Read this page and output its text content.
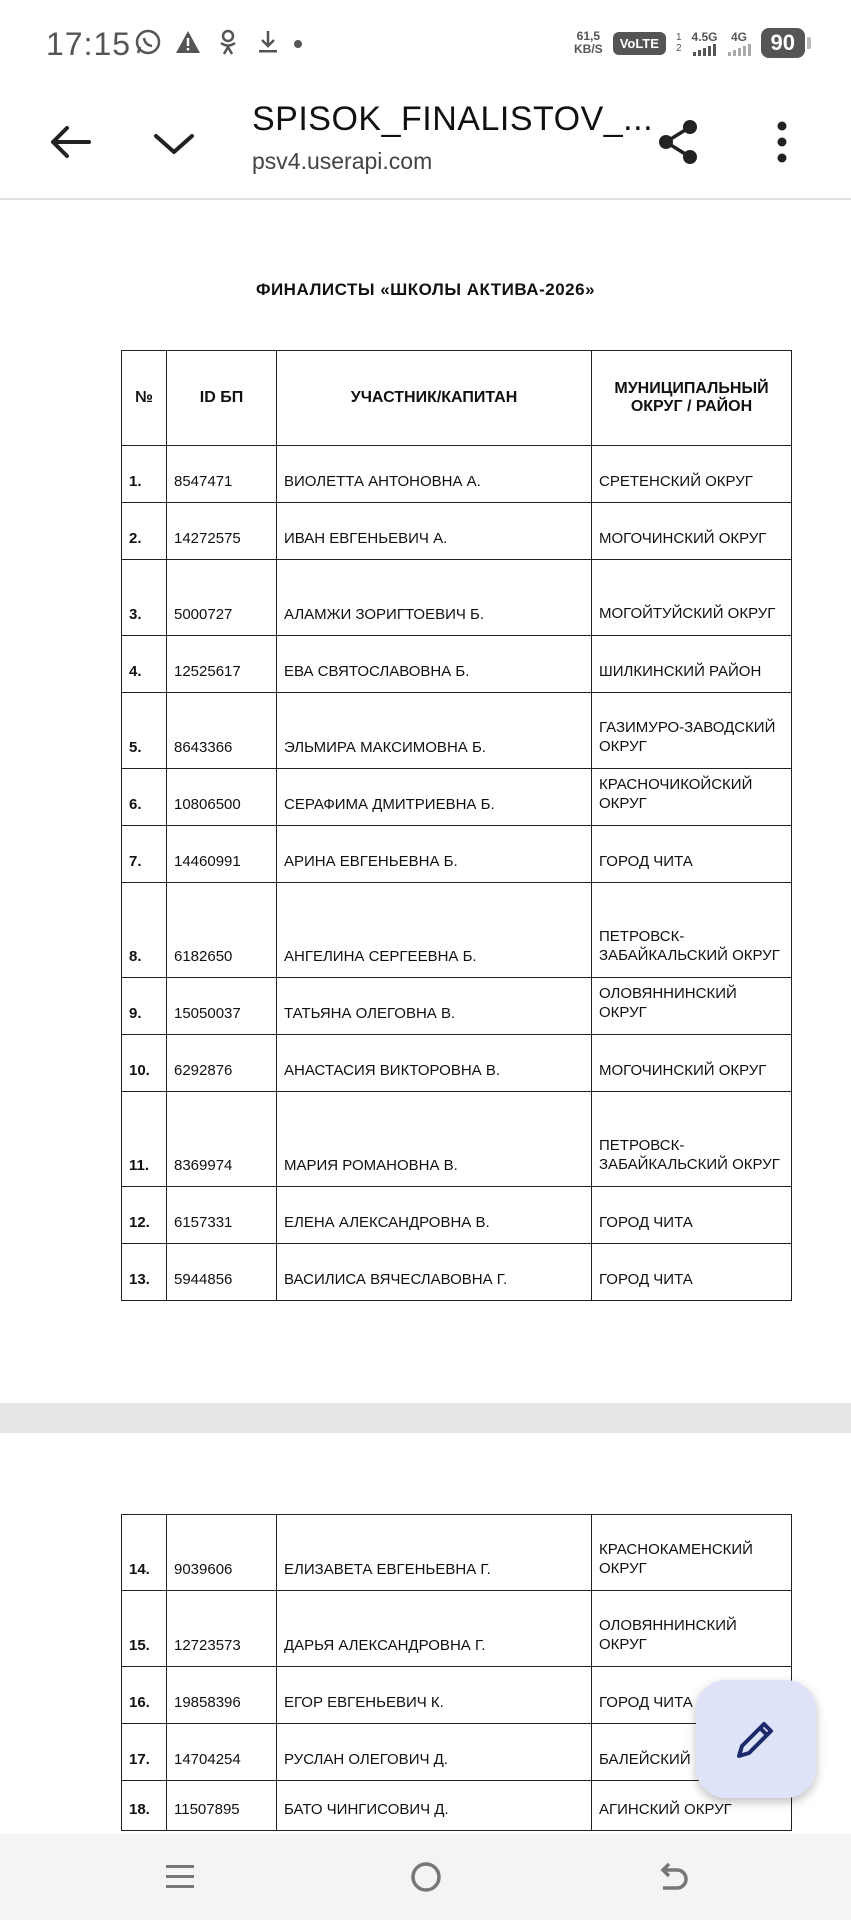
17:15	61,5
KB/S	VoLTE	1
2
4.5G 4G	90
SPISOK_FINALISTOV_...
psv4.userapi.com
ФИНАЛИСТЫ «ШКОЛЫ АКТИВА-2026»
№	ID БП	УЧАСТНИК/КАПИТАН	МУНИЦИПАЛЬНЫЙ
ОКРУГ / РАЙОН

1.	8547471	ВИОЛЕТТА АНТОНОВНА А.	СРЕТЕНСКИЙ ОКРУГ
2.	14272575	ИВАН ЕВГЕНЬЕВИЧ А.	МОГОЧИНСКИЙ ОКРУГ
3.	5000727	АЛАМЖИ ЗОРИГТОЕВИЧ Б.	МОГОЙТУЙСКИЙ ОКРУГ
4.	12525617	ЕВА СВЯТОСЛАВОВНА Б.	ШИЛКИНСКИЙ РАЙОН
5.	8643366	ЭЛЬМИРА МАКСИМОВНА Б.	ГАЗИМУРО-ЗАВОДСКИЙ ОКРУГ
6.	10806500	СЕРАФИМА ДМИТРИЕВНА Б.	КРАСНОЧИКОЙСКИЙ ОКРУГ
7.	14460991	АРИНА ЕВГЕНЬЕВНА Б.	ГОРОД ЧИТА
8.	6182650	АНГЕЛИНА СЕРГЕЕВНА Б.	ПЕТРОВСК-ЗАБАЙКАЛЬСКИЙ ОКРУГ
9.	15050037	ТАТЬЯНА ОЛЕГОВНА В.	ОЛОВЯННИНСКИЙ ОКРУГ
10.	6292876	АНАСТАСИЯ ВИКТОРОВНА В.	МОГОЧИНСКИЙ ОКРУГ
11.	8369974	МАРИЯ РОМАНОВНА В.	ПЕТРОВСК-ЗАБАЙКАЛЬСКИЙ ОКРУГ
12.	6157331	ЕЛЕНА АЛЕКСАНДРОВНА В.	ГОРОД ЧИТА
13.	5944856	ВАСИЛИСА ВЯЧЕСЛАВОВНА Г.	ГОРОД ЧИТА
14.	9039606	ЕЛИЗАВЕТА ЕВГЕНЬЕВНА Г.	КРАСНОКАМЕНСКИЙ ОКРУГ
15.	12723573	ДАРЬЯ АЛЕКСАНДРОВНА Г.	ОЛОВЯННИНСКИЙ ОКРУГ
16.	19858396	ЕГОР ЕВГЕНЬЕВИЧ К.	ГОРОД ЧИТА
17.	14704254	РУСЛАН ОЛЕГОВИЧ Д.	БАЛЕЙСКИЙ
18.	11507895	БАТО ЧИНГИСОВИЧ Д.	АГИНСКИЙ ОКРУГ
